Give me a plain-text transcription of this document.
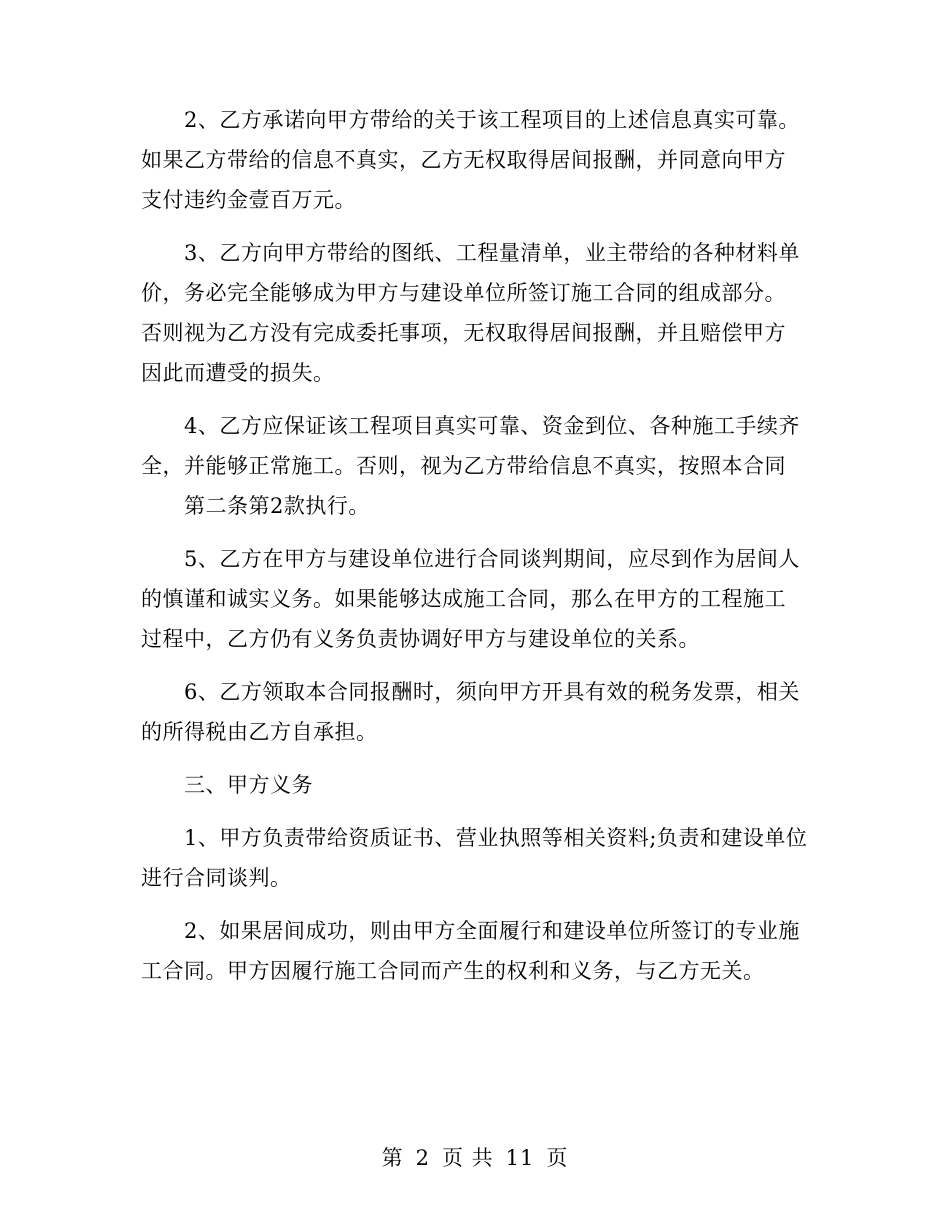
2、乙方承诺向甲方带给的关于该工程项目的上述信息真实可靠。
如果乙方带给的信息不真实，乙方无权取得居间报酬，并同意向甲方
支付违约金壹百万元。

3、乙方向甲方带给的图纸、工程量清单，业主带给的各种材料单
价，务必完全能够成为甲方与建设单位所签订施工合同的组成部分。
否则视为乙方没有完成委托事项，无权取得居间报酬，并且赔偿甲方
因此而遭受的损失。

4、乙方应保证该工程项目真实可靠、资金到位、各种施工手续齐
全，并能够正常施工。否则，视为乙方带给信息不真实，按照本合同
第二条第2款执行。

5、乙方在甲方与建设单位进行合同谈判期间，应尽到作为居间人
的慎谨和诚实义务。如果能够达成施工合同，那么在甲方的工程施工
过程中，乙方仍有义务负责协调好甲方与建设单位的关系。

6、乙方领取本合同报酬时，须向甲方开具有效的税务发票，相关
的所得税由乙方自承担。

三、甲方义务

1、甲方负责带给资质证书、营业执照等相关资料;负责和建设单位
进行合同谈判。

2、如果居间成功，则由甲方全面履行和建设单位所签订的专业施
工合同。甲方因履行施工合同而产生的权利和义务，与乙方无关。

第 2 页 共 11 页
